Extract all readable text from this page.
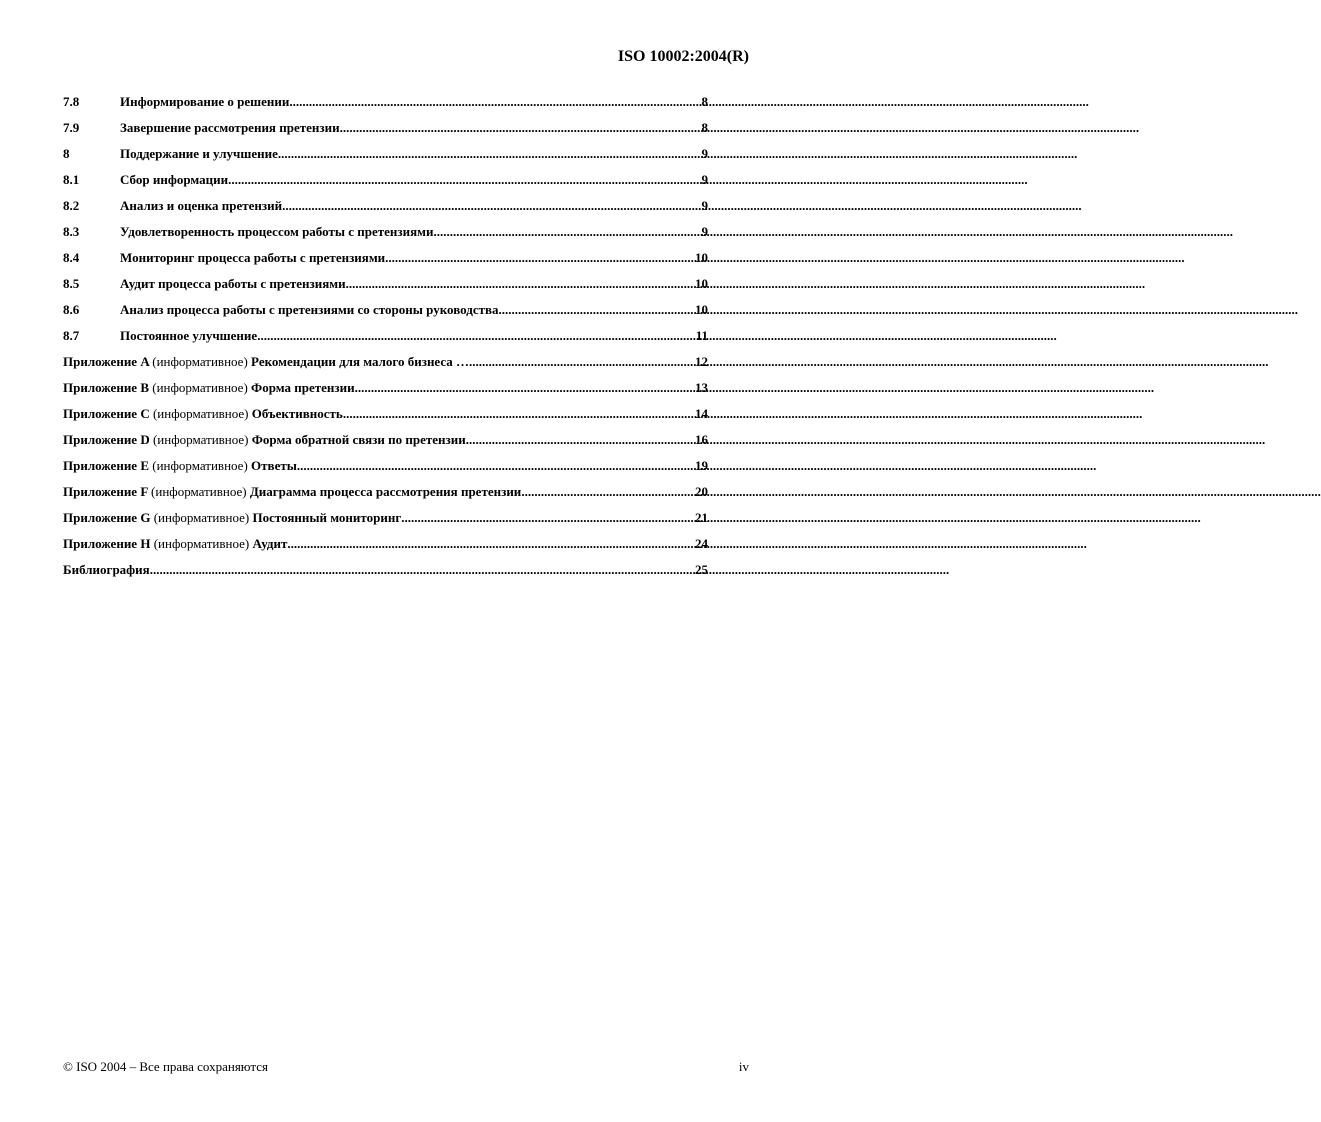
ISO 10002:2004(R)
7.8	Информирование о решении .....	8
7.9	Завершение рассмотрения претензии .....	8
8	Поддержание и улучшение .....	9
8.1	Сбор информации .....	9
8.2	Анализ и оценка претензий .....	9
8.3	Удовлетворенность процессом работы с претензиями .....	9
8.4	Мониторинг процесса работы с претензиями .....	10
8.5	Аудит процесса работы с претензиями .....	10
8.6	Анализ процесса работы с претензиями со стороны руководства .....	10
8.7	Постоянное улучшение .....	11
Приложение A (информативное) Рекомендации для малого бизнеса … .....	12
Приложение B (информативное) Форма претензии .....	13
Приложение C (информативное) Объективность .....	14
Приложение D (информативное) Форма обратной связи по претензии .....	16
Приложение E (информативное) Ответы .....	19
Приложение F (информативное) Диаграмма процесса рассмотрения претензии .....	20
Приложение G (информативное) Постоянный мониторинг .....	21
Приложение H (информативное) Аудит .....	24
Библиография .....	25
© ISO 2004 – Все права сохраняются	iv
